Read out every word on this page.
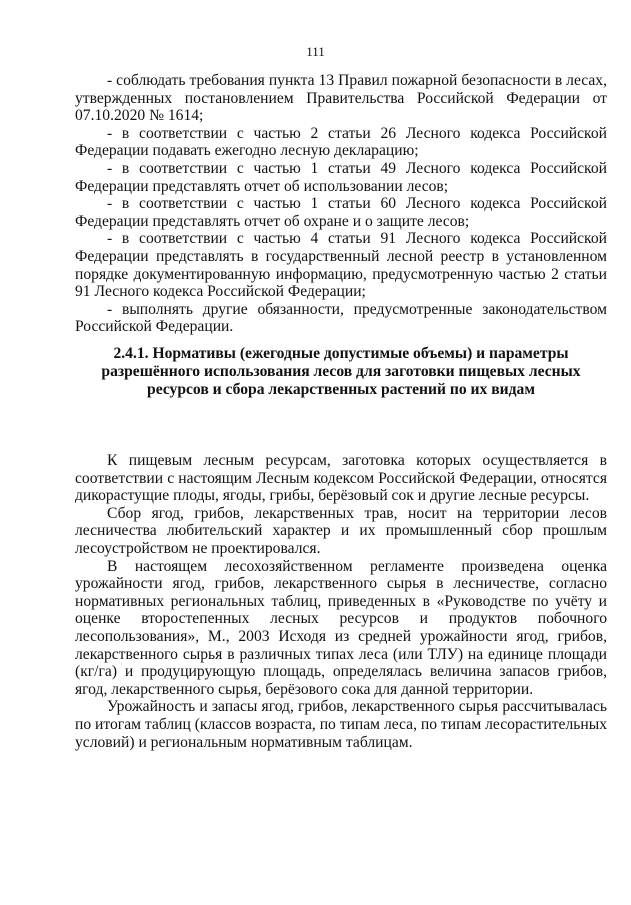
111

- соблюдать требования пункта 13 Правил пожарной безопасности в лесах, утвержденных постановлением Правительства Российской Федерации от 07.10.2020 № 1614;

- в соответствии с частью 2 статьи 26 Лесного кодекса Российской Федерации подавать ежегодно лесную декларацию;

- в соответствии с частью 1 статьи 49 Лесного кодекса Российской Федерации представлять отчет об использовании лесов;

- в соответствии с частью 1 статьи 60 Лесного кодекса Российской Федерации представлять отчет об охране и о защите лесов;

- в соответствии с частью 4 статьи 91 Лесного кодекса Российской Федерации представлять в государственный лесной реестр в установленном порядке документированную информацию, предусмотренную частью 2 статьи 91 Лесного кодекса Российской Федерации;

- выполнять другие обязанности, предусмотренные законодательством Российской Федерации.

2.4.1. Нормативы (ежегодные допустимые объемы) и параметры разрешённого использования лесов для заготовки пищевых лесных ресурсов и сбора лекарственных растений по их видам

К пищевым лесным ресурсам, заготовка которых осуществляется в соответствии с настоящим Лесным кодексом Российской Федерации, относятся дикорастущие плоды, ягоды, грибы, берёзовый сок и другие лесные ресурсы.

Сбор ягод, грибов, лекарственных трав, носит на территории лесов лесничества любительский характер и их промышленный сбор прошлым лесоустройством не проектировался.

В настоящем лесохозяйственном регламенте произведена оценка урожайности ягод, грибов, лекарственного сырья в лесничестве, согласно нормативных региональных таблиц, приведенных в «Руководстве по учёту и оценке второстепенных лесных ресурсов и продуктов побочного лесопользования», М., 2003 Исходя из средней урожайности ягод, грибов, лекарственного сырья в различных типах леса (или ТЛУ) на единице площади (кг/га) и продуцирующую площадь, определялась величина запасов грибов, ягод, лекарственного сырья, берёзового сока для данной территории.

Урожайность и запасы ягод, грибов, лекарственного сырья рассчитывалась по итогам таблиц (классов возраста, по типам леса, по типам лесорастительных условий) и региональным нормативным таблицам.
